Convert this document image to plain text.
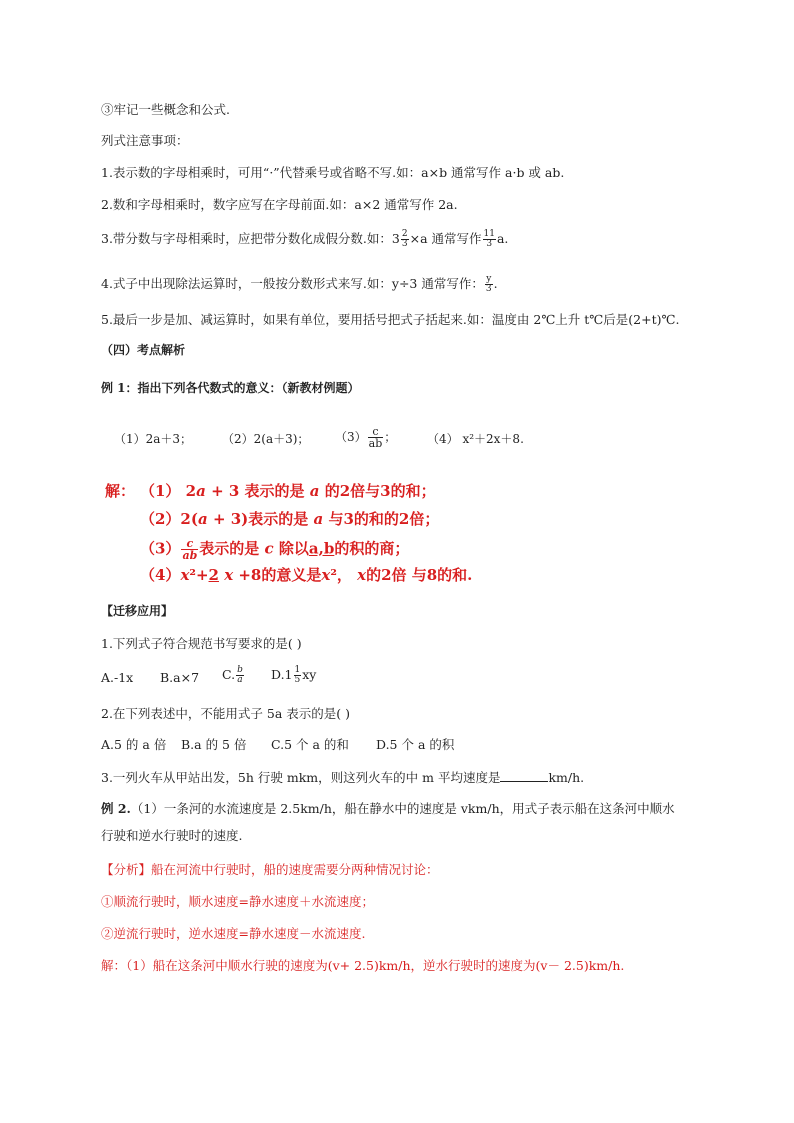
③牢记一些概念和公式.
列式注意事项：
1.表示数的字母相乘时，可用“·”代替乘号或省略不写.如：a×b 通常写作 a·b 或 ab.
2.数和字母相乘时，数字应写在字母前面.如：a×2 通常写作 2a.
3.带分数与字母相乘时，应把带分数化成假分数.如：$3 \frac{2}{3} \times a$ 通常写作 $\frac{11}{3} a$.
4.式子中出现除法运算时，一般按分数形式来写.如：y÷3 通常写作： $\frac{y}{3}$ .
5.最后一步是加、减运算时，如果有单位，要用括号把式子括起来.如：温度由 2℃上升 t℃后是(2+t)℃.
（四）考点解析
例 1：指出下列各代数式的意义：（新教材例题）
（1）2a＋3； （2）2(a＋3)； $(3) \frac{c}{ab}$ ；	（4） x²＋2x＋8.
解： （1） 2a + 3 表示的是 a 的2倍与3的和；
（2）2(a + 3)表示的是 a 与3的和的2倍；
$(3) \frac{c}{ab}$ 表示的是 c 除以a,b的积的商；
（4）x²+2 x +8的意义是x²， x的2倍 与8的和.
【迁移应用】
1.下列式子符合规范书写要求的是( )
A.-1x B.a×7 C. $\frac{b}{a} D.1 \frac{1}{5}$ xy
2.在下列表述中，不能用式子 5a 表示的是( )
A.5 的 a 倍 B.a 的 5 倍 C.5 个 a 的和 D.5 个 a 的积
3.一列火车从甲站出发，5h 行驶 mkm，则这列火车的中 m 平均速度是	km/h.
例 2.（1）一条河的水流速度是 2.5km/h，船在静水中的速度是 vkm/h，用式子表示船在这条河中顺水
行驶和逆水行驶时的速度.
【分析】船在河流中行驶时，船的速度需要分两种情况讨论：
①顺流行驶时，顺水速度=静水速度＋水流速度；
②逆流行驶时，逆水速度=静水速度－水流速度.
解：（1）船在这条河中顺水行驶的速度为(v+ 2.5)km/h，逆水行驶时的速度为(v－ 2.5)km/h.
